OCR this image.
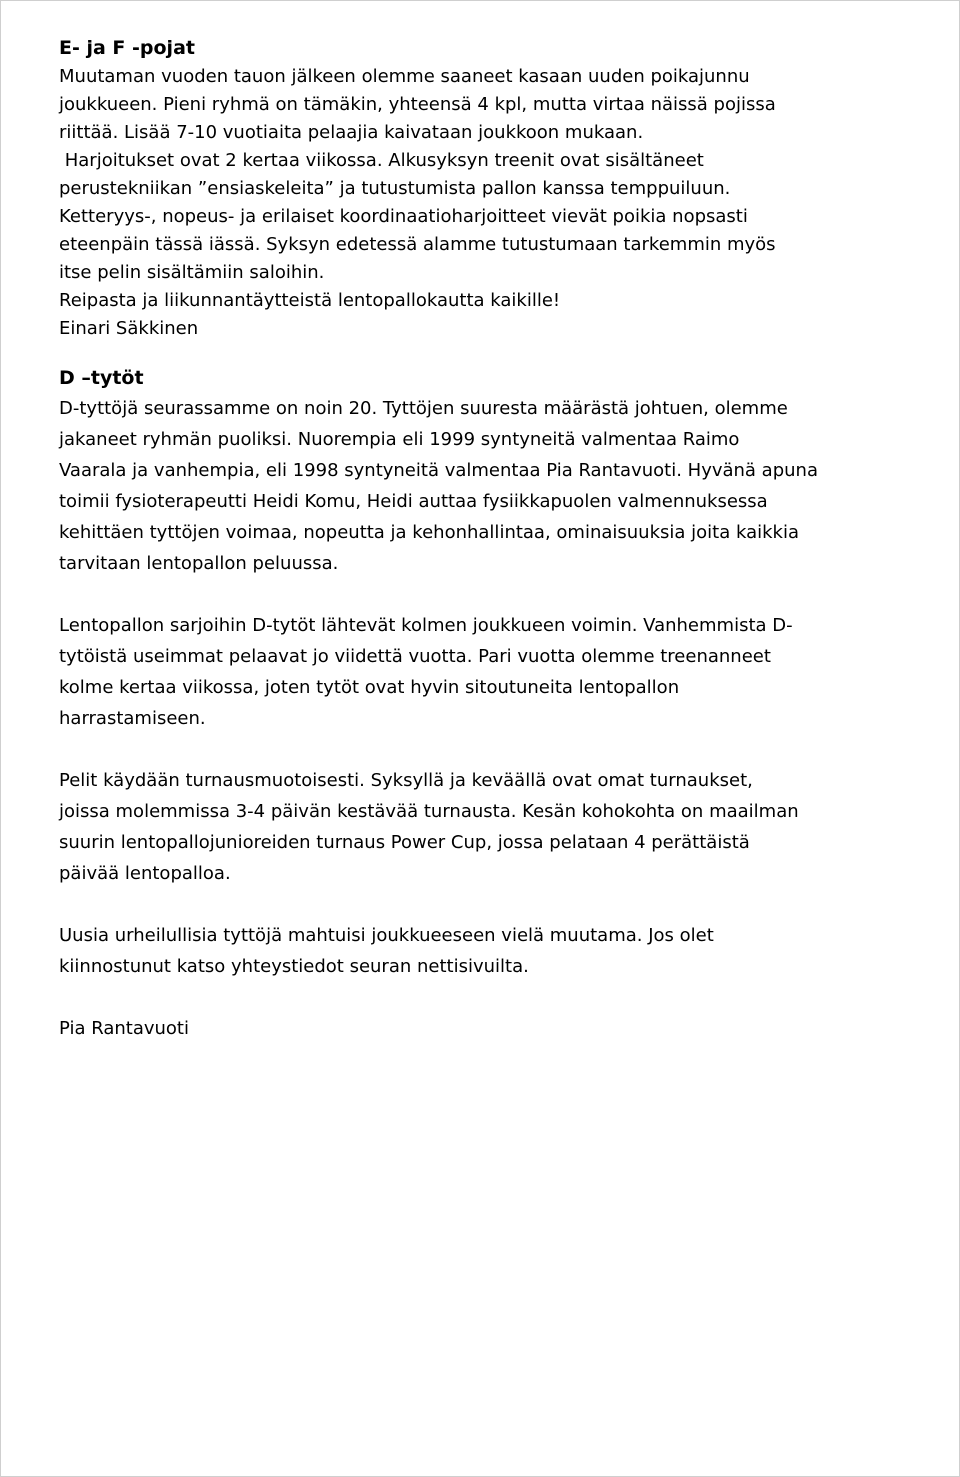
E- ja F -pojat

Muutaman vuoden tauon jälkeen olemme saaneet kasaan uuden poikajunnu

joukkueen. Pieni ryhmä on tämäkin, yhteensä 4 kpl, mutta virtaa näissä pojissa

riittää. Lisää 7-10 vuotiaita pelaajia kaivataan joukkoon mukaan.

Harjoitukset ovat 2 kertaa viikossa. Alkusyksyn treenit ovat sisältäneet

perustekniikan ”ensiaskeleita” ja tutustumista pallon kanssa temppuiluun.

Ketteryys-, nopeus- ja erilaiset koordinaatioharjoitteet vievät poikia nopsasti

eteenpäin tässä iässä. Syksyn edetessä alamme tutustumaan tarkemmin myös

itse pelin sisältämiin saloihin.

Reipasta ja liikunnantäytteistä lentopallokautta kaikille!

Einari Säkkinen

D –tytöt

D-tyttöjä seurassamme on noin 20. Tyttöjen suuresta määrästä johtuen, olemme

jakaneet ryhmän puoliksi. Nuorempia eli 1999 syntyneitä valmentaa Raimo

Vaarala ja vanhempia, eli 1998 syntyneitä valmentaa Pia Rantavuoti. Hyvänä apuna

toimii fysioterapeutti Heidi Komu, Heidi auttaa fysiikkapuolen valmennuksessa

kehittäen tyttöjen voimaa, nopeutta ja kehonhallintaa, ominaisuuksia joita kaikkia

tarvitaan lentopallon peluussa.

Lentopallon sarjoihin D-tytöt lähtevät kolmen joukkueen voimin. Vanhemmista D-

tytöistä useimmat pelaavat jo viidettä vuotta. Pari vuotta olemme treenanneet

kolme kertaa viikossa, joten tytöt ovat hyvin sitoutuneita lentopallon

harrastamiseen.

Pelit käydään turnausmuotoisesti. Syksyllä ja keväällä ovat omat turnaukset,

joissa molemmissa 3-4 päivän kestävää turnausta. Kesän kohokohta on maailman

suurin lentopallojunioreiden turnaus Power Cup, jossa pelataan 4 perättäistä

päivää lentopalloa.

Uusia urheilullisia tyttöjä mahtuisi joukkueeseen vielä muutama. Jos olet

kiinnostunut katso yhteystiedot seuran nettisivuilta.

Pia Rantavuoti
